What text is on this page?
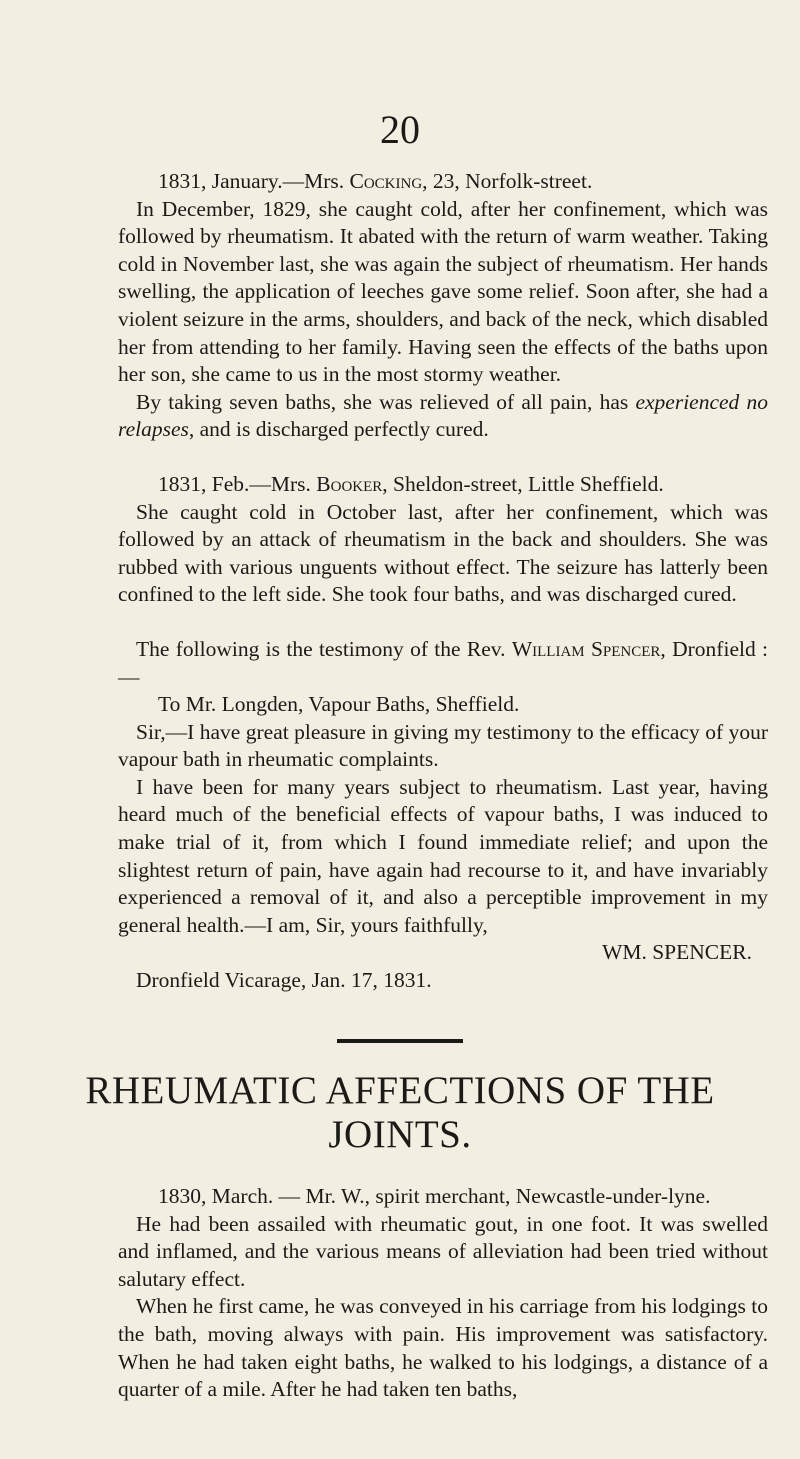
20

1831, January.—Mrs. Cocking, 23, Norfolk-street.

In December, 1829, she caught cold, after her confinement, which was followed by rheumatism. It abated with the return of warm weather. Taking cold in November last, she was again the subject of rheumatism. Her hands swelling, the application of leeches gave some relief. Soon after, she had a violent seizure in the arms, shoulders, and back of the neck, which disabled her from attending to her family. Having seen the effects of the baths upon her son, she came to us in the most stormy weather.

By taking seven baths, she was relieved of all pain, has experienced no relapses, and is discharged perfectly cured.

1831, Feb.—Mrs. Booker, Sheldon-street, Little Sheffield.

She caught cold in October last, after her confinement, which was followed by an attack of rheumatism in the back and shoulders. She was rubbed with various unguents without effect. The seizure has latterly been confined to the left side. She took four baths, and was discharged cured.

The following is the testimony of the Rev. William Spencer, Dronfield :—

To Mr. Longden, Vapour Baths, Sheffield.

Sir,—I have great pleasure in giving my testimony to the efficacy of your vapour bath in rheumatic complaints.

I have been for many years subject to rheumatism. Last year, having heard much of the beneficial effects of vapour baths, I was induced to make trial of it, from which I found immediate relief; and upon the slightest return of pain, have again had recourse to it, and have invariably experienced a removal of it, and also a perceptible improvement in my general health.—I am, Sir, yours faithfully,

WM. SPENCER.

Dronfield Vicarage, Jan. 17, 1831.

RHEUMATIC AFFECTIONS OF THE JOINTS.

1830, March. — Mr. W., spirit merchant, Newcastle-under-lyne.

He had been assailed with rheumatic gout, in one foot. It was swelled and inflamed, and the various means of alleviation had been tried without salutary effect.

When he first came, he was conveyed in his carriage from his lodgings to the bath, moving always with pain. His improvement was satisfactory. When he had taken eight baths, he walked to his lodgings, a distance of a quarter of a mile. After he had taken ten baths,
